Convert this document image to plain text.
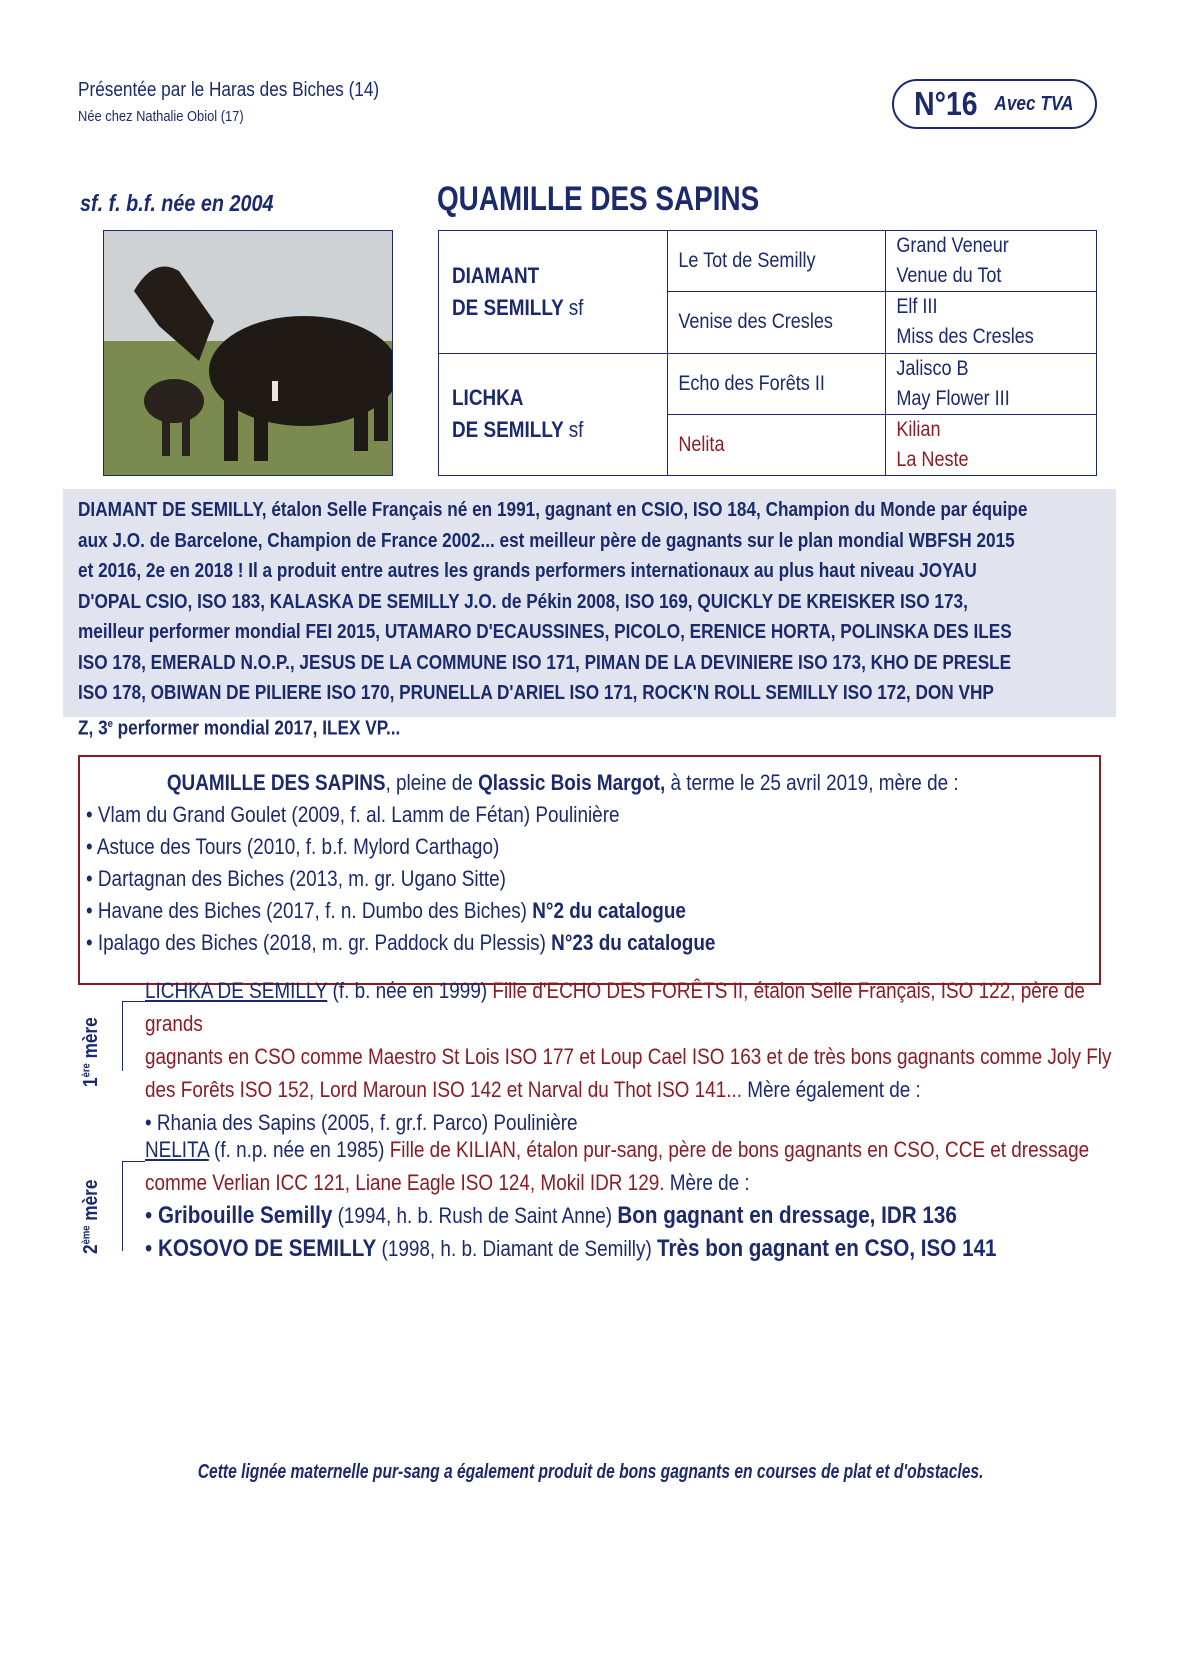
Présentée par le Haras des Biches (14)
Née chez Nathalie Obiol (17)	N°16 Avec TVA
sf. f. b.f. née en 2004	QUAMILLE DES SAPINS
DIAMANT
DE SEMILLY sf	Le Tot de Semilly	Grand Veneur
Venue du Tot

	Venise des Cresles	Elf III
Miss des Cresles

LICHKA
DE SEMILLY sf	Echo des Forêts II	Jalisco B
May Flower III

	Nelita	Kilian
La Neste
DIAMANT DE SEMILLY, étalon Selle Français né en 1991, gagnant en CSIO, ISO 184, Champion du Monde par équipe
aux J.O. de Barcelone, Champion de France 2002... est meilleur père de gagnants sur le plan mondial WBFSH 2015
et 2016, 2e en 2018 ! Il a produit entre autres les grands performers internationaux au plus haut niveau JOYAU
D'OPAL CSIO, ISO 183, KALASKA DE SEMILLY J.O. de Pékin 2008, ISO 169, QUICKLY DE KREISKER ISO 173,
meilleur performer mondial FEI 2015, UTAMARO D'ECAUSSINES, PICOLO, ERENICE HORTA, POLINSKA DES ILES
ISO 178, EMERALD N.O.P., JESUS DE LA COMMUNE ISO 171, PIMAN DE LA DEVINIERE ISO 173, KHO DE PRESLE
ISO 178, OBIWAN DE PILIERE ISO 170, PRUNELLA D'ARIEL ISO 171, ROCK'N ROLL SEMILLY ISO 172, DON VHP
Z, 3e performer mondial 2017, ILEX VP...
QUAMILLE DES SAPINS, pleine de Qlassic Bois Margot, à terme le 25 avril 2019, mère de :
• Vlam du Grand Goulet (2009, f. al. Lamm de Fétan) Poulinière
• Astuce des Tours (2010, f. b.f. Mylord Carthago)
• Dartagnan des Biches (2013, m. gr. Ugano Sitte)
• Havane des Biches (2017, f. n. Dumbo des Biches) N°2 du catalogue
• Ipalago des Biches (2018, m. gr. Paddock du Plessis) N°23 du catalogue
1ère mère
LICHKA DE SEMILLY (f. b. née en 1999) Fille d'ECHO DES FORÊTS II, étalon Selle Français, ISO 122, père de grands
gagnants en CSO comme Maestro St Lois ISO 177 et Loup Cael ISO 163 et de très bons gagnants comme Joly Fly
des Forêts ISO 152, Lord Maroun ISO 142 et Narval du Thot ISO 141... Mère également de :
• Rhania des Sapins (2005, f. gr.f. Parco) Poulinière
2ème mère
NELITA (f. n.p. née en 1985) Fille de KILIAN, étalon pur-sang, père de bons gagnants en CSO, CCE et dressage
comme Verlian ICC 121, Liane Eagle ISO 124, Mokil IDR 129. Mère de :
• Gribouille Semilly (1994, h. b. Rush de Saint Anne) Bon gagnant en dressage, IDR 136
• KOSOVO DE SEMILLY (1998, h. b. Diamant de Semilly) Très bon gagnant en CSO, ISO 141
Cette lignée maternelle pur-sang a également produit de bons gagnants en courses de plat et d'obstacles.
